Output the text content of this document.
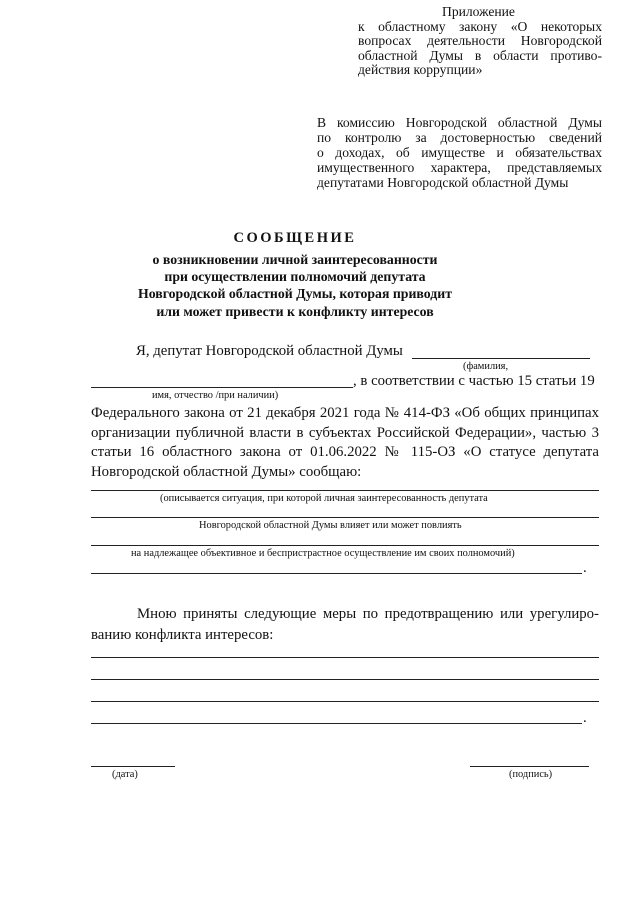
Приложение
к областному закону «О некоторых
вопросах деятельности Новгородской
областной Думы в области противо-
действия коррупции»
В комиссию Новгородской областной Думы
по контролю за достоверностью сведений
о доходах, об имуществе и обязательствах
имущественного характера, представляемых
депутатами Новгородской областной Думы
СООБЩЕНИЕ
о возникновении личной заинтересованности
при осуществлении полномочий депутата
Новгородской областной Думы, которая приводит
или может привести к конфликту интересов
Я, депутат Новгородской областной Думы
(фамилия,
, в соответствии с частью 15 статьи 19
имя, отчество /при наличии)
Федерального закона от 21 декабря 2021 года № 414-ФЗ «Об общих принципах
организации публичной власти в субъектах Российской Федерации», частью 3
статьи 16 областного закона от 01.06.2022 № 115-ОЗ «О статусе депутата
Новгородской областной Думы» сообщаю:
(описывается ситуация, при которой личная заинтересованность депутата
Новгородской областной Думы влияет или может повлиять
на надлежащее объективное и беспристрастное осуществление им своих полномочий)
.
Мною приняты следующие меры по предотвращению или урегулиро-
ванию конфликта интересов:
.
(дата)	(подпись)
